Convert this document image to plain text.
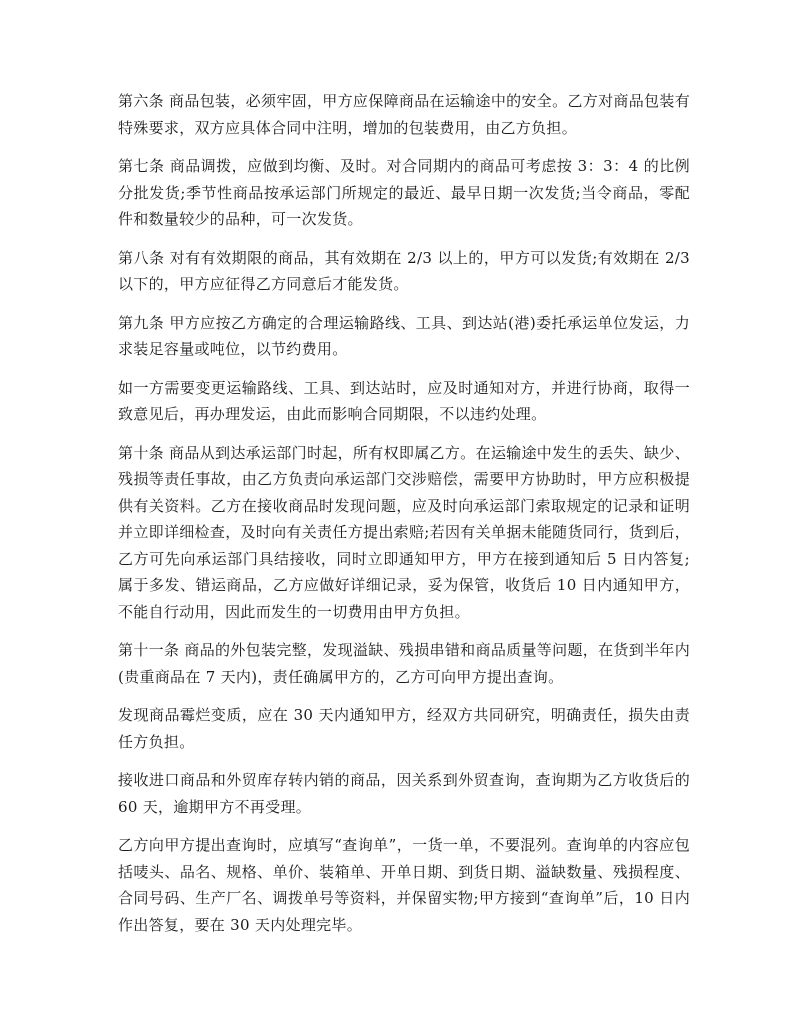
第六条 商品包装，必须牢固，甲方应保障商品在运输途中的安全。乙方对商品包装有特殊要求，双方应具体合同中注明，增加的包装费用，由乙方负担。

第七条 商品调拨，应做到均衡、及时。对合同期内的商品可考虑按 3：3：4 的比例分批发货;季节性商品按承运部门所规定的最近、最早日期一次发货;当令商品，零配件和数量较少的品种，可一次发货。

第八条 对有有效期限的商品，其有效期在 2/3 以上的，甲方可以发货;有效期在 2/3 以下的，甲方应征得乙方同意后才能发货。

第九条 甲方应按乙方确定的合理运输路线、工具、到达站(港)委托承运单位发运，力求装足容量或吨位，以节约费用。

如一方需要变更运输路线、工具、到达站时，应及时通知对方，并进行协商，取得一致意见后，再办理发运，由此而影响合同期限，不以违约处理。

第十条 商品从到达承运部门时起，所有权即属乙方。在运输途中发生的丢失、缺少、残损等责任事故，由乙方负责向承运部门交涉赔偿，需要甲方协助时，甲方应积极提供有关资料。乙方在接收商品时发现问题，应及时向承运部门索取规定的记录和证明并立即详细检查，及时向有关责任方提出索赔;若因有关单据未能随货同行，货到后，乙方可先向承运部门具结接收，同时立即通知甲方，甲方在接到通知后 5 日内答复;属于多发、错运商品，乙方应做好详细记录，妥为保管，收货后 10 日内通知甲方，不能自行动用，因此而发生的一切费用由甲方负担。

第十一条 商品的外包装完整，发现溢缺、残损串错和商品质量等问题，在货到半年内(贵重商品在 7 天内)，责任确属甲方的，乙方可向甲方提出查询。

发现商品霉烂变质，应在 30 天内通知甲方，经双方共同研究，明确责任，损失由责任方负担。

接收进口商品和外贸库存转内销的商品，因关系到外贸查询，查询期为乙方收货后的 60 天，逾期甲方不再受理。

乙方向甲方提出查询时，应填写“查询单”，一货一单，不要混列。查询单的内容应包括唛头、品名、规格、单价、装箱单、开单日期、到货日期、溢缺数量、残损程度、合同号码、生产厂名、调拨单号等资料，并保留实物;甲方接到“查询单”后，10 日内作出答复，要在 30 天内处理完毕。
